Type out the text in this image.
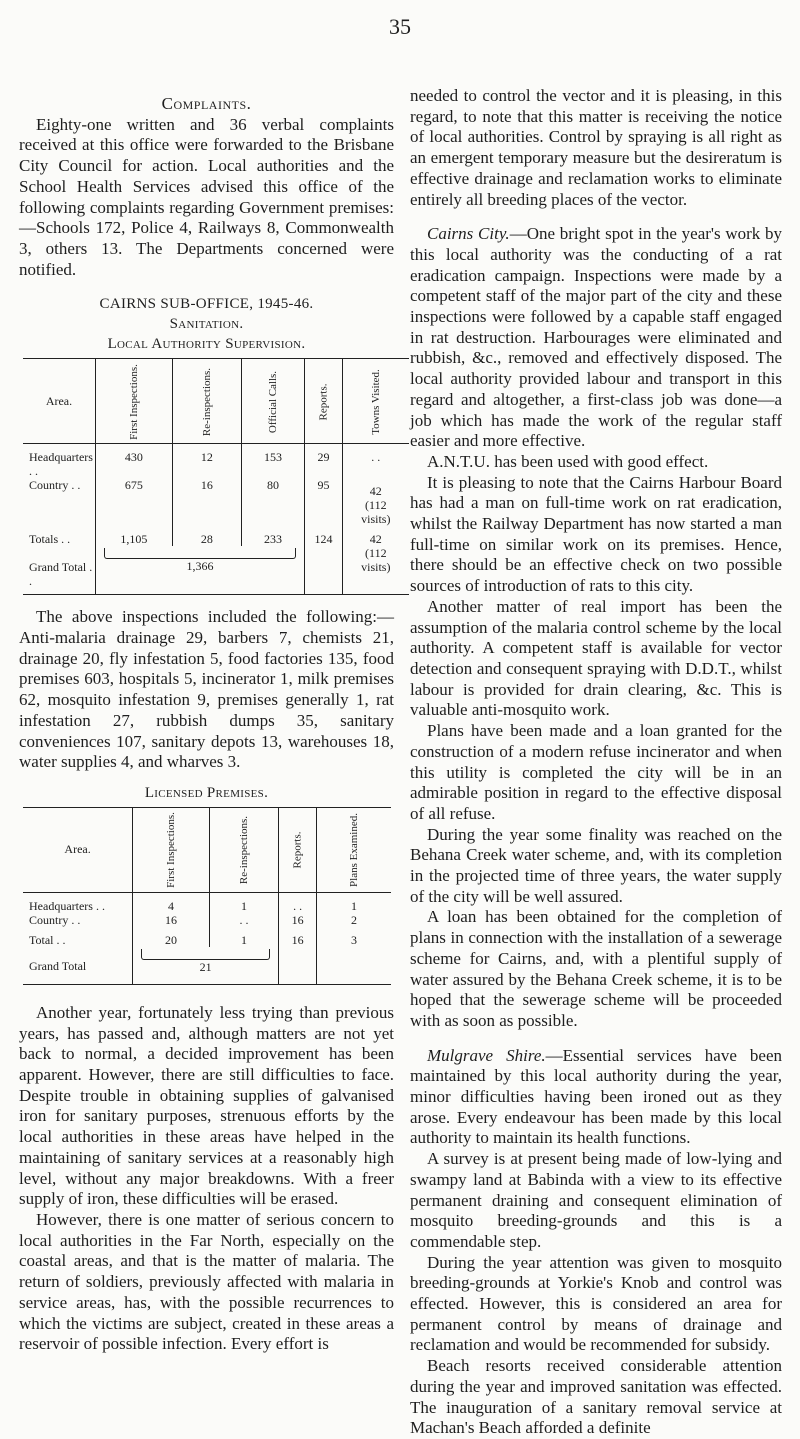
35
Complaints.

Eighty-one written and 36 verbal complaints received at this office were forwarded to the Brisbane City Council for action. Local authorities and the School Health Services advised this office of the following complaints regarding Government premises:—Schools 172, Police 4, Railways 8, Commonwealth 3, others 13. The Departments concerned were notified.

CAIRNS SUB-OFFICE, 1945-46.
Sanitation.
Local Authority Supervision.
Area.	First Inspections.	Re-inspections.	Official Calls.	Reports.	Towns Visited.
Headquarters . .	430	12	153	29	. .
Country . .	675	16	80	95	42
(112
visits)

Totals . .	1,105	28	233	124	42
(112
visits)

Grand Total . .	1,366				

The above inspections included the following:—Anti-malaria drainage 29, barbers 7, chemists 21, drainage 20, fly infestation 5, food factories 135, food premises 603, hospitals 5, incinerator 1, milk premises 62, mosquito infestation 9, premises generally 1, rat infestation 27, rubbish dumps 35, sanitary conveniences 107, sanitary depots 13, warehouses 18, water supplies 4, and wharves 3.

Licensed Premises.
Area.	First Inspections.	Re-inspections.	Reports.	Plans Examined.
Headquarters . .	4	1	. .	1
Country . .	16	. .	16	2
Total . .	20	1	16	3
Grand Total	21			

Another year, fortunately less trying than previous years, has passed and, although matters are not yet back to normal, a decided improvement has been apparent. However, there are still difficulties to face. Despite trouble in obtaining supplies of galvanised iron for sanitary purposes, strenuous efforts by the local authorities in these areas have helped in the maintaining of sanitary services at a reasonably high level, without any major breakdowns. With a freer supply of iron, these difficulties will be erased.

However, there is one matter of serious concern to local authorities in the Far North, especially on the coastal areas, and that is the matter of malaria. The return of soldiers, previously affected with malaria in service areas, has, with the possible recurrences to which the victims are subject, created in these areas a reservoir of possible infection. Every effort is

needed to control the vector and it is pleasing, in this regard, to note that this matter is receiving the notice of local authorities. Control by spraying is all right as an emergent temporary measure but the desireratum is effective drainage and reclamation works to eliminate entirely all breeding places of the vector.

Cairns City.—One bright spot in the year's work by this local authority was the conducting of a rat eradication campaign. Inspections were made by a competent staff of the major part of the city and these inspections were followed by a capable staff engaged in rat destruction. Harbourages were eliminated and rubbish, &c., removed and effectively disposed. The local authority provided labour and transport in this regard and altogether, a first-class job was done—a job which has made the work of the regular staff easier and more effective.

A.N.T.U. has been used with good effect.

It is pleasing to note that the Cairns Harbour Board has had a man on full-time work on rat eradication, whilst the Railway Department has now started a man full-time on similar work on its premises. Hence, there should be an effective check on two possible sources of introduction of rats to this city.

Another matter of real import has been the assumption of the malaria control scheme by the local authority. A competent staff is available for vector detection and consequent spraying with D.D.T., whilst labour is provided for drain clearing, &c. This is valuable anti-mosquito work.

Plans have been made and a loan granted for the construction of a modern refuse incinerator and when this utility is completed the city will be in an admirable position in regard to the effective disposal of all refuse.

During the year some finality was reached on the Behana Creek water scheme, and, with its completion in the projected time of three years, the water supply of the city will be well assured.

A loan has been obtained for the completion of plans in connection with the installation of a sewerage scheme for Cairns, and, with a plentiful supply of water assured by the Behana Creek scheme, it is to be hoped that the sewerage scheme will be proceeded with as soon as possible.

Mulgrave Shire.—Essential services have been maintained by this local authority during the year, minor difficulties having been ironed out as they arose. Every endeavour has been made by this local authority to maintain its health functions.

A survey is at present being made of low-lying and swampy land at Babinda with a view to its effective permanent draining and consequent elimination of mosquito breeding-grounds and this is a commendable step.

During the year attention was given to mosquito breeding-grounds at Yorkie's Knob and control was effected. However, this is considered an area for permanent control by means of drainage and reclamation and would be recommended for subsidy.

Beach resorts received considerable attention during the year and improved sanitation was effected. The inauguration of a sanitary removal service at Machan's Beach afforded a definite
